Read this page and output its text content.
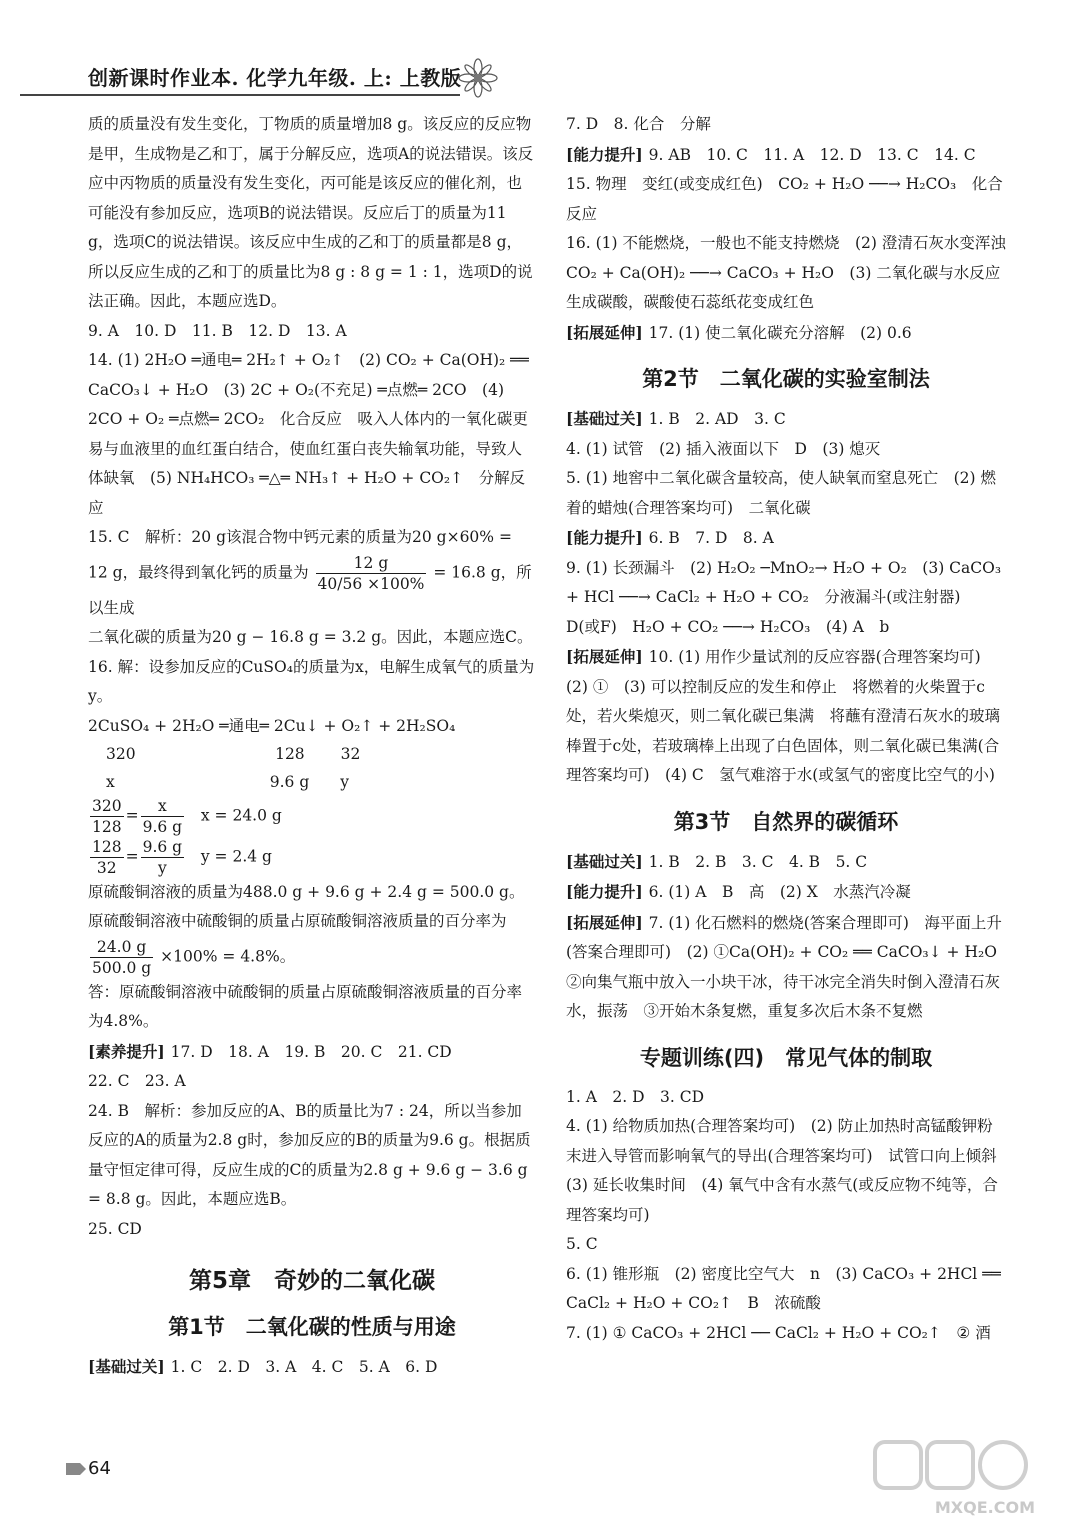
创新课时作业本. 化学九年级. 上: 上教版

质的质量没有发生变化，丁物质的质量增加8 g。该反应的反应物是甲，生成物是乙和丁，属于分解反应，选项A的说法错误。该反应中丙物质的质量没有发生变化，丙可能是该反应的催化剂，也可能没有参加反应，选项B的说法错误。反应后丁的质量为11 g，选项C的说法错误。该反应中生成的乙和丁的质量都是8 g，所以反应生成的乙和丁的质量比为8 g : 8 g = 1 : 1，选项D的说法正确。因此，本题应选D。

9. A　10. D　11. B　12. D　13. A

14. (1) 2H₂O ═通电═ 2H₂↑ + O₂↑　(2) CO₂ + Ca(OH)₂ ══ CaCO₃↓ + H₂O　(3) 2C + O₂(不充足) ═点燃═ 2CO　(4) 2CO + O₂ ═点燃═ 2CO₂　化合反应　吸入人体内的一氧化碳更易与血液里的血红蛋白结合，使血红蛋白丧失输氧功能，导致人体缺氧　(5) NH₄HCO₃ ═△═ NH₃↑ + H₂O + CO₂↑　分解反应

15. C　解析：20 g该混合物中钙元素的质量为20 g×60% = 12 g，最终得到氧化钙的质量为 $\frac{12 g}{40/56 \times 100\%} = 16.8$ g，所以生成

二氧化碳的质量为20 g − 16.8 g = 3.2 g。因此，本题应选C。

16. 解：设参加反应的CuSO₄的质量为x，电解生成氧气的质量为y。

2CuSO₄ + 2H₂O ═通电═ 2Cu↓ + O₂↑ + 2H₂SO₄

320　　　　　　　　　128　　 32

x　　　　　　　　　　9.6 g　　y

$\frac{320}{128} = \frac{x}{9.6 g}$ x = 24.0 g

$\frac{128}{32} = \frac{9.6 g}{y}$ y = 2.4 g

原硫酸铜溶液的质量为488.0 g + 9.6 g + 2.4 g = 500.0 g。原硫酸铜溶液中硫酸铜的质量占原硫酸铜溶液质量的百分率为
$\frac{24.0 g}{500.0 g} \times 100\% = 4.8\%$。

答：原硫酸铜溶液中硫酸铜的质量占原硫酸铜溶液质量的百分率为4.8%。

[素养提升] 17. D　18. A　19. B　20. C　21. CD

22. C　23. A

24. B　解析：参加反应的A、B的质量比为7 : 24，所以当参加反应的A的质量为2.8 g时，参加反应的B的质量为9.6 g。根据质量守恒定律可得，反应生成的C的质量为2.8 g + 9.6 g − 3.6 g = 8.8 g。因此，本题应选B。

25. CD

第5章　奇妙的二氧化碳
第1节　二氧化碳的性质与用途

[基础过关] 1. C　2. D　3. A　4. C　5. A　6. D

7. D　8. 化合　分解

[能力提升] 9. AB　10. C　11. A　12. D　13. C　14. C

15. 物理　变红(或变成红色)　CO₂ + H₂O ──→ H₂CO₃　化合反应

16. (1) 不能燃烧，一般也不能支持燃烧　(2) 澄清石灰水变浑浊　CO₂ + Ca(OH)₂ ──→ CaCO₃ + H₂O　(3) 二氧化碳与水反应生成碳酸，碳酸使石蕊纸花变成红色

[拓展延伸] 17. (1) 使二氧化碳充分溶解　(2) 0.6

第2节　二氧化碳的实验室制法

[基础过关] 1. B　2. AD　3. C

4. (1) 试管　(2) 插入液面以下　D　(3) 熄灭

5. (1) 地窖中二氧化碳含量较高，使人缺氧而窒息死亡　(2) 燃着的蜡烛(合理答案均可)　二氧化碳

[能力提升] 6. B　7. D　8. A

9. (1) 长颈漏斗　(2) H₂O₂ ─MnO₂→ H₂O + O₂　(3) CaCO₃ + HCl ──→ CaCl₂ + H₂O + CO₂　分液漏斗(或注射器)　D(或F)　H₂O + CO₂ ──→ H₂CO₃　(4) A　b

[拓展延伸] 10. (1) 用作少量试剂的反应容器(合理答案均可)　(2) ①　(3) 可以控制反应的发生和停止　将燃着的火柴置于c处，若火柴熄灭，则二氧化碳已集满　将蘸有澄清石灰水的玻璃棒置于c处，若玻璃棒上出现了白色固体，则二氧化碳已集满(合理答案均可)　(4) C　氢气难溶于水(或氢气的密度比空气的小)

第3节　自然界的碳循环

[基础过关] 1. B　2. B　3. C　4. B　5. C

[能力提升] 6. (1) A　B　高　(2) X　水蒸汽冷凝

[拓展延伸] 7. (1) 化石燃料的燃烧(答案合理即可)　海平面上升(答案合理即可)　(2) ①Ca(OH)₂ + CO₂ ══ CaCO₃↓ + H₂O　②向集气瓶中放入一小块干冰，待干冰完全消失时倒入澄清石灰水，振荡　③开始木条复燃，重复多次后木条不复燃

专题训练(四)　常见气体的制取

1. A　2. D　3. CD

4. (1) 给物质加热(合理答案均可)　(2) 防止加热时高锰酸钾粉末进入导管而影响氧气的导出(合理答案均可)　试管口向上倾斜　(3) 延长收集时间　(4) 氧气中含有水蒸气(或反应物不纯等，合理答案均可)

5. C

6. (1) 锥形瓶　(2) 密度比空气大　n　(3) CaCO₃ + 2HCl ══ CaCl₂ + H₂O + CO₂↑　B　浓硫酸

7. (1) ① CaCO₃ + 2HCl ── CaCl₂ + H₂O + CO₂↑　② 酒

64
MXQE.COM
